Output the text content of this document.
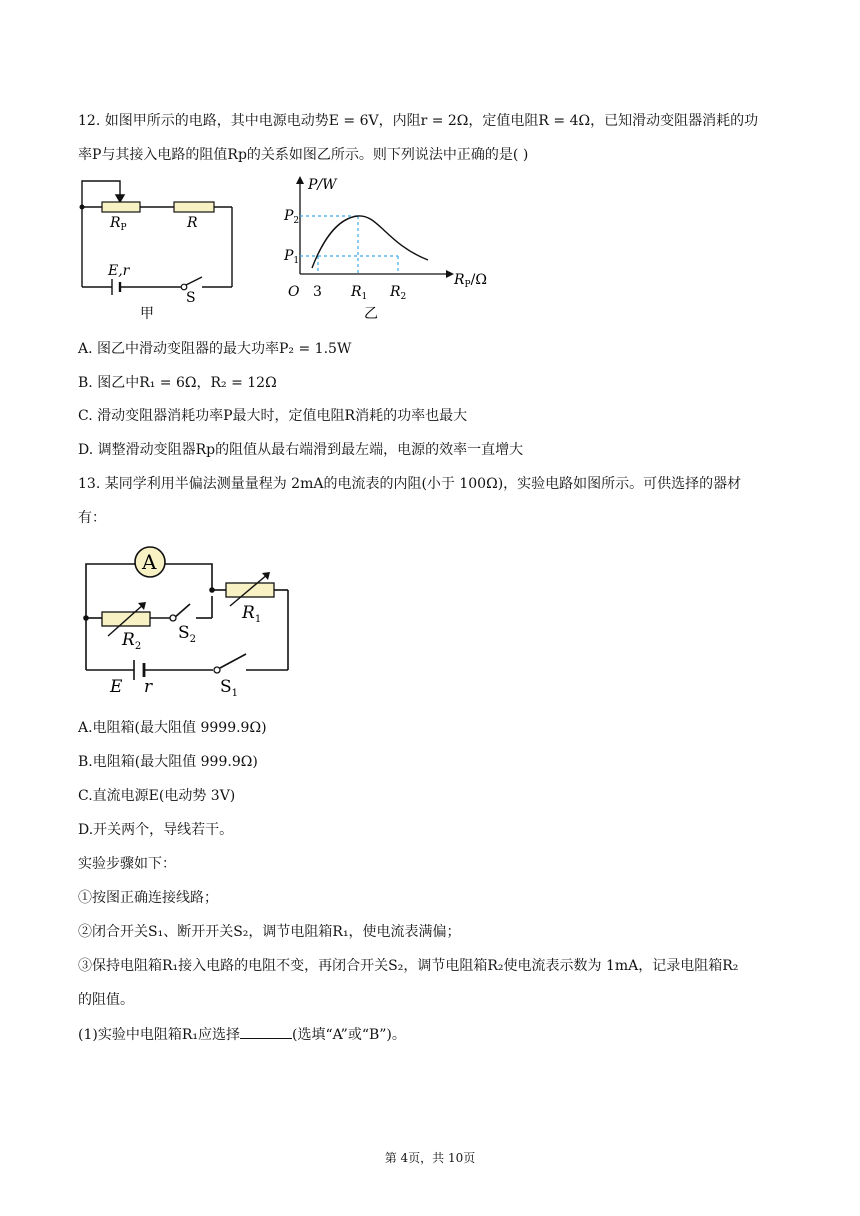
12. 如图甲所示的电路，其中电源电动势E = 6V，内阻r = 2Ω，定值电阻R = 4Ω，已知滑动变阻器消耗的功
率P与其接入电路的阻值Rp的关系如图乙所示。则下列说法中正确的是( )
$R_P$	R
E,r
S
甲
P/W
$P_2$
$P_1$
O 3 $R_1$ $R_2$
$R_P/\Omega$
乙
A. 图乙中滑动变阻器的最大功率P₂ = 1.5W
B. 图乙中R₁ = 6Ω，R₂ = 12Ω
C. 滑动变阻器消耗功率P最大时，定值电阻R消耗的功率也最大
D. 调整滑动变阻器Rp的阻值从最右端滑到最左端，电源的效率一直增大
13. 某同学利用半偏法测量量程为 2mA的电流表的内阻(小于 100Ω)，实验电路如图所示。可供选择的器材
有：
A
$R_1$
$R_2$
$S_2$
$S_1$
E r
A.电阻箱(最大阻值 9999.9Ω)
B.电阻箱(最大阻值 999.9Ω)
C.直流电源E(电动势 3V)
D.开关两个，导线若干。
实验步骤如下：
①按图正确连接线路；
②闭合开关S₁、断开开关S₂，调节电阻箱R₁，使电流表满偏；
③保持电阻箱R₁接入电路的电阻不变，再闭合开关S₂，调节电阻箱R₂使电流表示数为 1mA，记录电阻箱R₂
的阻值。
(1)实验中电阻箱R₁应选择	(选填“A”或“B”)。
第 4页，共 10页
